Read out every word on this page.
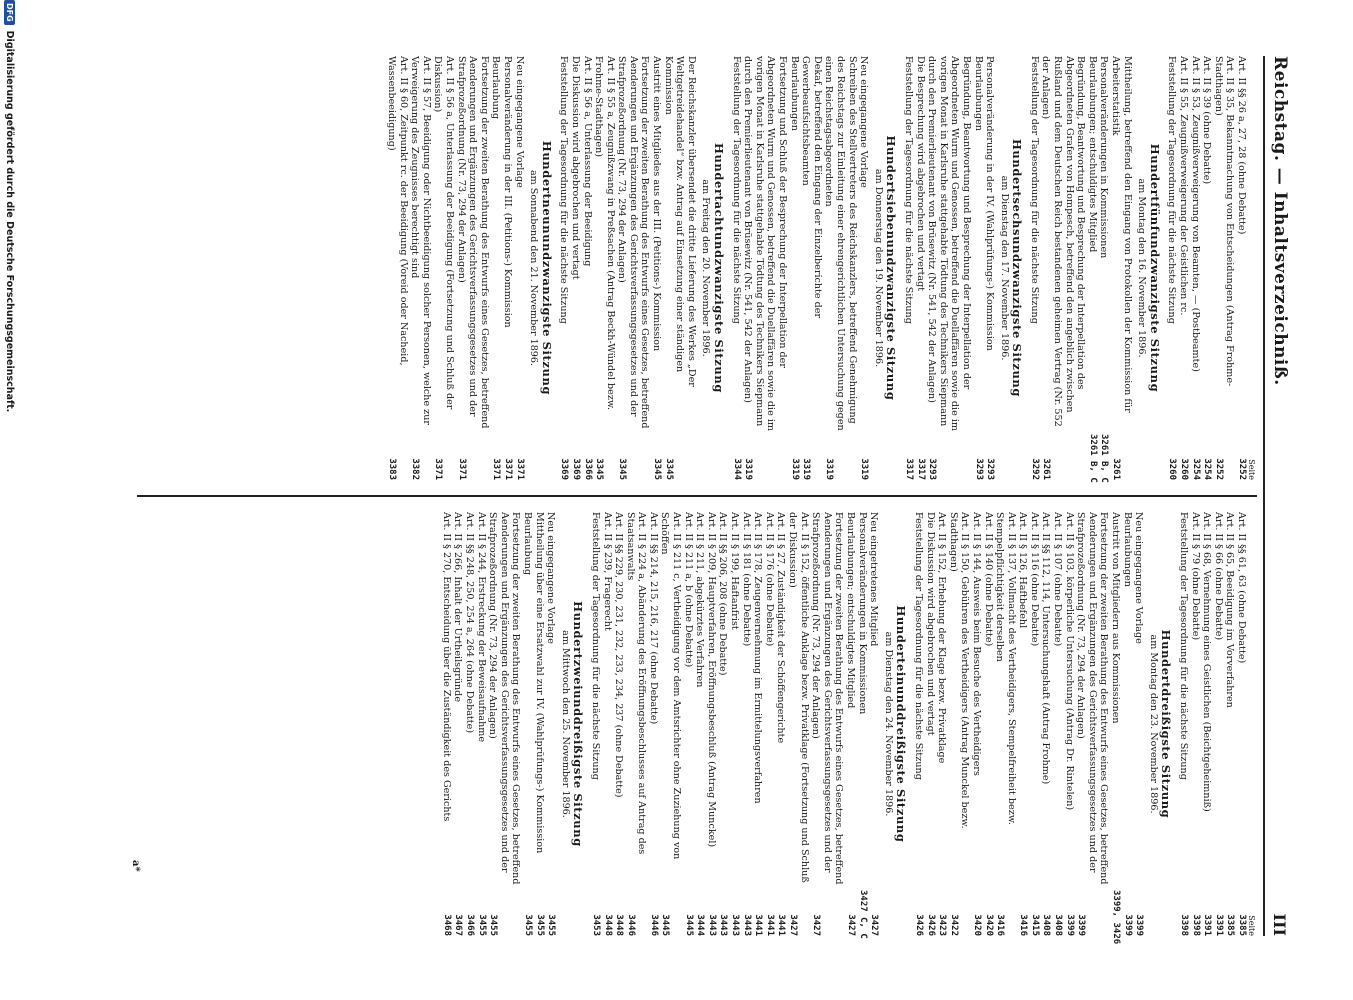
Reichstag. — Inhaltsverzeichniß.
III
Seite
Art. II §§ 26 a, 27, 28 (ohne Debatte)
3252
Art. II § 35, Bekanntmachung von Entscheidungen (Antrag Frohme-Stadthagen)
3252
Art. II § 39 (ohne Debatte)
3254
Art. II § 53, Zeugnißverweigerung von Beamten, — (Postbeamte)
3254
Art. II § 55, Zeugnißverweigerung der Geistlichen rc.
3260
Feststellung der Tagesordnung für die nächste Sitzung
3260
Hundertfünfundzwanzigste Sitzung
am Montag den 16. November 1896.
Mittheilung, betreffend den Eingang von Protokollen der Kommission für Arbeiterstatistik
3261
Personalveränderungen in Kommissionen
3261 B, C
Beurlaubungen; entschuldigtes Mitglied
3261 B, C
Begründung, Beantwortung und Besprechung der Interpellation des Abgeordneten Grafen von Hompesch, betreffend den angeblich zwischen Rußland und dem Deutschen Reich bestandenen geheimen Vertrag (Nr. 552 der Anlagen)
3261
Feststellung der Tagesordnung für die nächste Sitzung
3292
Hundertsechsundzwanzigste Sitzung
am Dienstag den 17. November 1896.
Personalveränderung in der IV. (Wahlprüfungs-) Kommission
3293
Beurlaubungen
3293
Begründung, Beantwortung und Besprechung der Interpellation der Abgeordneten Wurm und Genossen, betreffend die Duellaffären sowie die im vorigen Monat in Karlsruhe stattgehabte Tödtung des Technikers Siepmann durch den Premierlieutenant von Brüsewitz (Nr. 541, 542 der Anlagen)
3293
Die Besprechung wird abgebrochen und vertagt
3317
Feststellung der Tagesordnung für die nächste Sitzung
3317
Hundertsiebenundzwanzigste Sitzung
am Donnerstag den 19. November 1896.
Neu eingegangene Vorlage
3319
Schreiben des Stellvertreters des Reichskanzlers, betreffend Genehmigung des Reichstags zur Einleitung einer ehrengerichtlichen Untersuchung gegen einen Reichstagsabgeordneten
3319
Dekaf, betreffend den Eingang der Einzelberichte der Gewerbeaufsichtsbeamten
3319
Beurlaubungen
3319
Fortsetzung und Schluß der Besprechung der Interpellation der Abgeordneten Wurm und Genossen, betreffend die Duellaffären sowie die im vorigen Monat in Karlsruhe stattgehabte Tödtung des Technikers Siepmann durch den Premierlieutenant von Brüsewitz (Nr. 541, 542 der Anlagen)
3319
Feststellung der Tagesordnung für die nächste Sitzung
3344
Hundertachtundzwanzigste Sitzung
am Freitag den 20. November 1896.
Der Reichskanzler übersendet die dritte Lieferung des Werkes „Der Weltgetreidehandel“ bzw. Antrag auf Einsetzung einer ständigen Kommission
3345
Austritt eines Mitgliedes aus der III. (Petitions-) Kommission
3345
Fortsetzung der zweiten Berathung des Entwurfs eines Gesetzes, betreffend Aenderungen und Ergänzungen des Gerichtsverfassungsgesetzes und der Strafprozeßordnung (Nr. 73, 294 der Anlagen)
3345
Art. II § 55 a, Zeugnißzwang in Preßsachen (Antrag Beckh-Wündel bezw. Frohme-Stadthagen)
3345
Art. II § 56 a, Unterlassung der Beeidigung
3366
Die Diskussion wird abgebrochen und vertagt
3369
Feststellung der Tagesordnung für die nächste Sitzung
3369
Hundertneunundzwanzigste Sitzung
am Sonnabend den 21. November 1896.
Neu eingegangene Vorlage
3371
Personalveränderung in der III. (Petitions-) Kommission
3371
Beurlaubung
3371
Fortsetzung der zweiten Berathung des Entwurfs eines Gesetzes, betreffend Aenderungen und Ergänzungen des Gerichtsverfassungsgesetzes und der Strafprozeßordnung (Nr. 73, 294 der Anlagen)
3371
Art. II § 56 a, Unterlassung der Beeidigung (Fortsetzung und Schluß der Diskussion)
3371
Art. II § 57, Beeidigung oder Nichtbeeidigung solcher Personen, welche zur Verweigerung des Zeugnisses berechtigt sind
3382
Art. II § 60, Zeitpunkt rc. der Beeidigung (Voreid oder Nacheid, Wassenbeeidigung)
3383
Seite
Art. II §§ 61, 63 (ohne Debatte)
3385
Art. II § 65, Beeidigung im Vorverfahren
3385
Art. II § 66 (ohne Debatte)
3391
Art. II § 68, Vernehmung eines Geistlichen (Beichtgeheimniß)
3391
Art. II § 79 (ohne Debatte)
3398
Feststellung der Tagesordnung für die nächste Sitzung
3398
Hundertdreißigste Sitzung
am Montag den 23. November 1896.
Neu eingegangene Vorlage
3399
Beurlaubungen
3399
Austritt von Mitgliedern aus Kommissionen
3399, 3426
Fortsetzung der zweiten Berathung des Entwurfs eines Gesetzes, betreffend Aenderungen und Ergänzungen des Gerichtsverfassungsgesetzes und der Strafprozeßordnung (Nr. 73, 294 der Anlagen)
3399
Art. II § 103, körperliche Untersuchung (Antrag Dr. Rintelen)
3399
Art. II § 107 (ohne Debatte)
3408
Art. II §§ 112, 114, Untersuchungshaft (Antrag Frohme)
3408
Art. II § 116 (ohne Debatte)
3415
Art. II § 126, Haftbefehl
3416
Art. II § 137, Vollmacht des Vertheidigers, Stempelfreiheit bezw. Stempelpflichtigkeit derselben
3416
Art. II § 140 (ohne Debatte)
3420
Art. II § 144, Ausweis beim Besuche des Vertheidigers
3420
Art. II § 150, Gebühren des Vertheidigers (Antrag Munckel bezw. Stadthagen)
3422
Art. II § 152, Erhebung der Klage bezw. Privatklage
3423
Die Diskussion wird abgebrochen und vertagt
3426
Feststellung der Tagesordnung für die nächste Sitzung
3426
Hunderteinunddreißigste Sitzung
am Dienstag den 24. November 1896.
Neu eingetretenes Mitglied
3427
Personalveränderungen in Kommissionen
3427 C, C
Beurlaubungen; entschuldigtes Mitglied
3427
Fortsetzung der zweiten Berathung des Entwurfs eines Gesetzes, betreffend Aenderungen und Ergänzungen des Gerichtsverfassungsgesetzes und der Strafprozeßordnung (Nr. 73, 294 der Anlagen)
3427
Art. II § 152, öffentliche Anklage bezw. Privatklage (Fortsetzung und Schluß der Diskussion)
3427
Art. II § 27, Zuständigkeit der Schöffengerichte
3441
Art. II § 176 (ohne Debatte)
3441
Art. II § 178, Zeugenvernehmung im Ermittelungsverfahren
3441
Art. II § 181 (ohne Debatte)
3443
Art. II § 199, Haftanfrist
3443
Art. II §§ 206, 208 (ohne Debatte)
3443
Art. II § 209, Hauptverfahren, Eröffnungsbeschluß (Antrag Munckel)
3443
Art. II § 211, abgekürztes Verfahren
3444
Art. II § 211 a, b (ohne Debatte)
3445
Art. II § 211 c, Vertheidigung vor dem Amtsrichter ohne Zuziehung von Schöffen
3445
Art. II §§ 214, 215, 216, 217 (ohne Debatte)
3446
Art. II § 224 a, Abänderung des Eröffnungsbeschlusses auf Antrag des Staatsanwalts
3446
Art. II §§ 229, 230, 231, 232, 233, 234, 237 (ohne Debatte)
3448
Art. II § 239, Fragerecht
3448
Feststellung der Tagesordnung für die nächste Sitzung
3453
Hundertzweiunddreißigste Sitzung
am Mittwoch den 25. November 1896.
Neu eingegangene Vorlage
3455
Mittheilung über eine Ersatzwahl zur IV. (Wahlprüfungs-) Kommission
3455
Beurlaubung
3455
Fortsetzung der zweiten Berathung des Entwurfs eines Gesetzes, betreffend Aenderungen und Ergänzungen des Gerichtsverfassungsgesetzes und der Strafprozeßordnung (Nr. 73, 294 der Anlagen)
3455
Art. II § 244, Erstreckung der Beweisaufnahme
3455
Art. II §§ 248, 250, 254 a, 264 (ohne Debatte)
3466
Art. II § 266, Inhalt der Urtheilsgründe
3467
Art. II § 270, Entscheidung über die Zuständigkeit des Gerichts
3468
a*
DFG
Digitalisierung gefördert durch die Deutsche Forschungsgemeinschaft.
